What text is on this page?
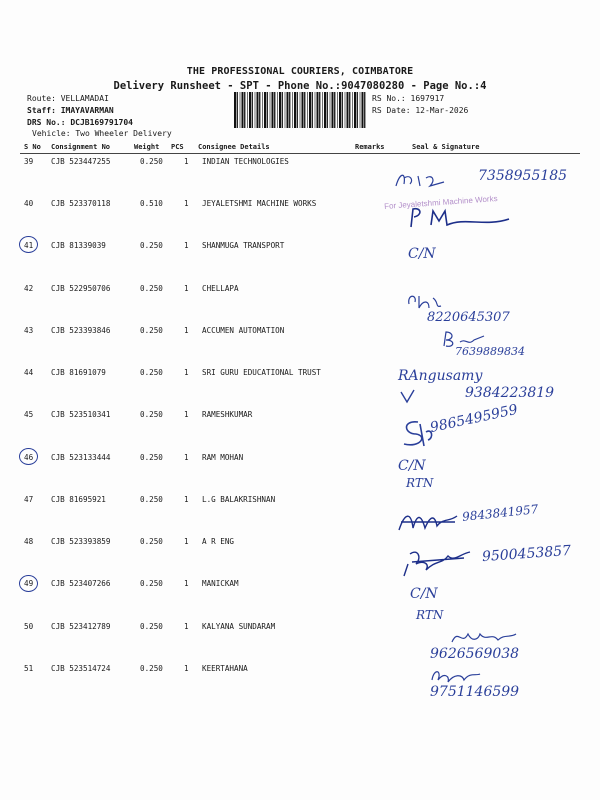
THE PROFESSIONAL COURIERS, COIMBATORE
Delivery Runsheet - SPT - Phone No.:9047080280 - Page No.:4
Route: VELLAMADAI
Staff: IMAYAVARMAN
DRS No.: DCJB169791704
Vehicle: Two Wheeler Delivery
RS No.: 1697917
RS Date: 12-Mar-2026
S No Consignment No	Weight PCS Consignee Details	Remarks	Seal & Signature
39 CJB 523447255	0.250	1 INDIAN TECHNOLOGIES
40 CJB 523370118	0.510	1 JEYALETSHMI MACHINE WORKS
41 CJB 81339039	0.250	1 SHANMUGA TRANSPORT
42 CJB 522950706	0.250	1 CHELLAPA
43 CJB 523393846	0.250	1 ACCUMEN AUTOMATION
44 CJB 81691079	0.250	1 SRI GURU EDUCATIONAL TRUST
45 CJB 523510341	0.250	1 RAMESHKUMAR
46 CJB 523133444	0.250	1 RAM MOHAN
47 CJB 81695921	0.250	1 L.G BALAKRISHNAN
48 CJB 523393859	0.250	1 A R ENG
49 CJB 523407266	0.250	1 MANICKAM
50 CJB 523412789	0.250	1 KALYANA SUNDARAM
51 CJB 523514724	0.250	1 KEERTAHANA
7358955185
For Jeyaletshmi Machine Works
C/N
8220645307
7639889834
RAngusamy
9384223819
9865495959
C/N
RTN
9843841957
9500453857
C/N
RTN
9626569038
9751146599
